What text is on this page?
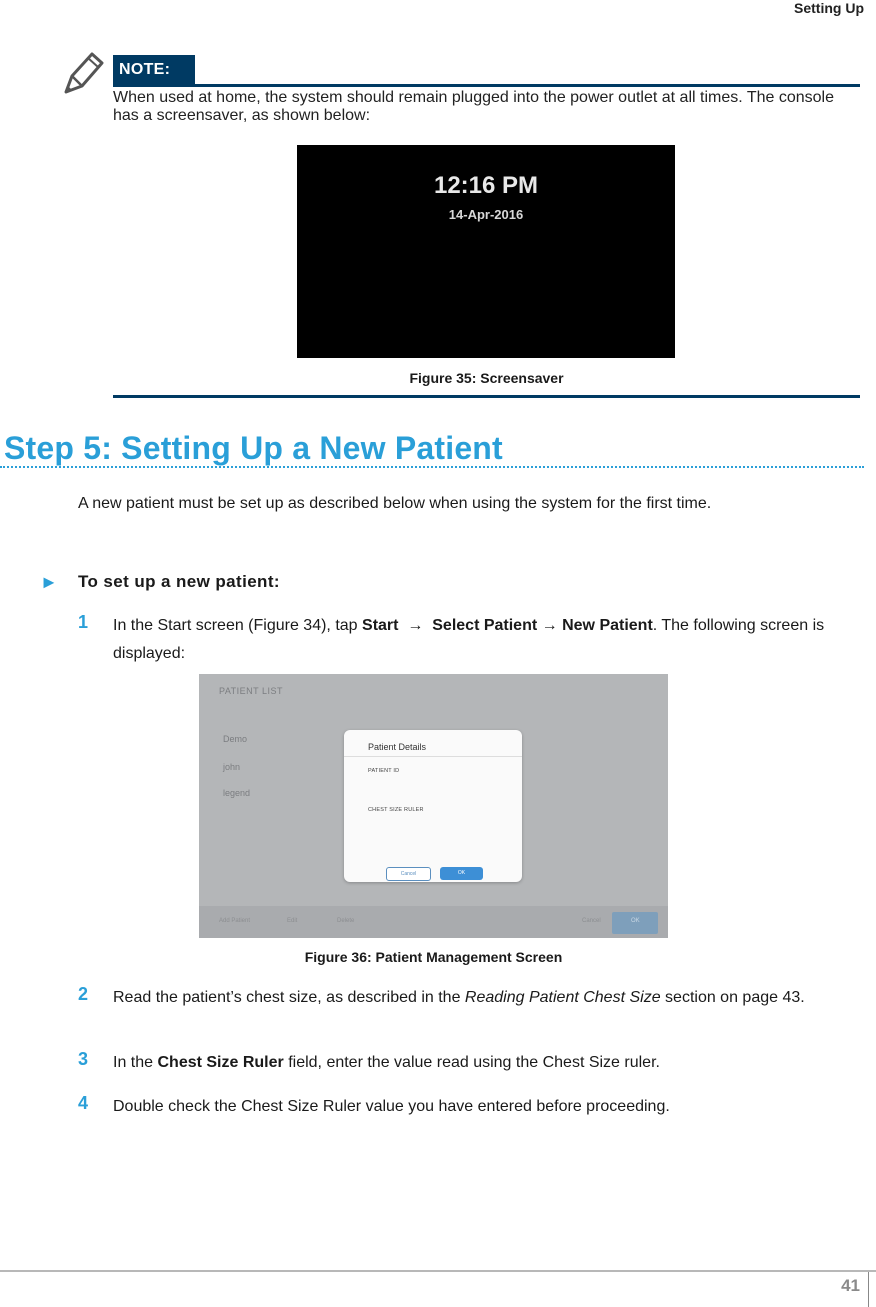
Setting Up
NOTE:
When used at home, the system should remain plugged into the power outlet at all times. The console has a screensaver, as shown below:
12:16 PM
14-Apr-2016
Figure 35: Screensaver
Step 5: Setting Up a New Patient
A new patient must be set up as described below when using the system for the first time.
► To set up a new patient:
1 In the Start screen (Figure 34), tap Start → Select Patient → New Patient. The following screen is displayed:
PATIENT LIST
Demo
john
legend
Add Patient	Edit	Delete	Cancel	OK
Patient Details
PATIENT ID
CHEST SIZE RULER
Cancel	OK
Figure 36: Patient Management Screen
2 Read the patient’s chest size, as described in the Reading Patient Chest Size section on page 43.
3 In the Chest Size Ruler field, enter the value read using the Chest Size ruler.
4 Double check the Chest Size Ruler value you have entered before proceeding.
41
